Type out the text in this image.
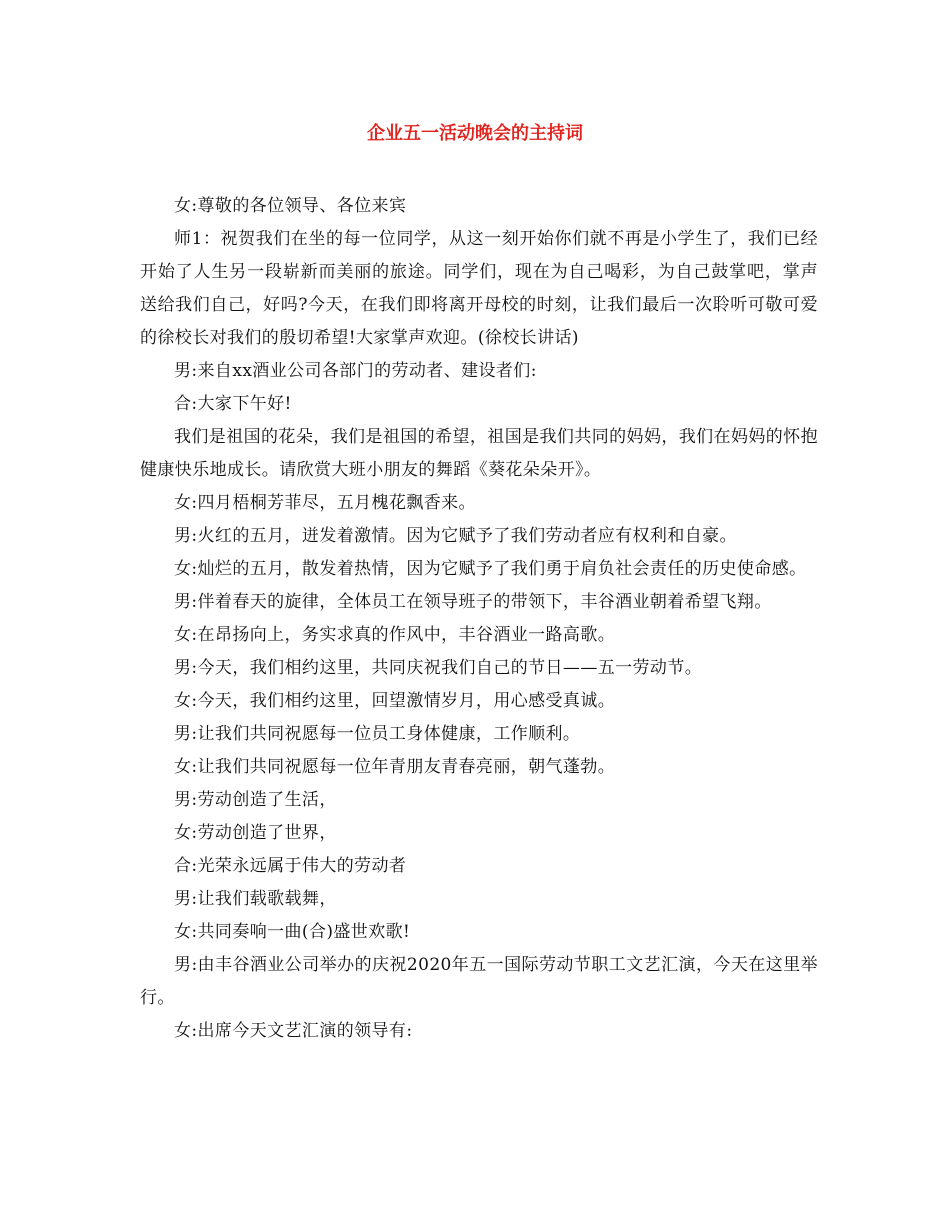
企业五一活动晚会的主持词

女:尊敬的各位领导、各位来宾

师1：祝贺我们在坐的每一位同学，从这一刻开始你们就不再是小学生了，我们已经开始了人生另一段崭新而美丽的旅途。同学们，现在为自己喝彩，为自己鼓掌吧，掌声送给我们自己，好吗?今天，在我们即将离开母校的时刻，让我们最后一次聆听可敬可爱的徐校长对我们的殷切希望!大家掌声欢迎。(徐校长讲话)

男:来自xx酒业公司各部门的劳动者、建设者们:

合:大家下午好!

我们是祖国的花朵，我们是祖国的希望，祖国是我们共同的妈妈，我们在妈妈的怀抱健康快乐地成长。请欣赏大班小朋友的舞蹈《葵花朵朵开》。

女:四月梧桐芳菲尽，五月槐花飘香来。

男:火红的五月，迸发着激情。因为它赋予了我们劳动者应有权利和自豪。

女:灿烂的五月，散发着热情，因为它赋予了我们勇于肩负社会责任的历史使命感。

男:伴着春天的旋律，全体员工在领导班子的带领下，丰谷酒业朝着希望飞翔。

女:在昂扬向上，务实求真的作风中，丰谷酒业一路高歌。

男:今天，我们相约这里，共同庆祝我们自己的节日——五一劳动节。

女:今天，我们相约这里，回望激情岁月，用心感受真诚。

男:让我们共同祝愿每一位员工身体健康，工作顺利。

女:让我们共同祝愿每一位年青朋友青春亮丽，朝气蓬勃。

男:劳动创造了生活，

女:劳动创造了世界，

合:光荣永远属于伟大的劳动者

男:让我们载歌载舞，

女:共同奏响一曲(合)盛世欢歌!

男:由丰谷酒业公司举办的庆祝2020年五一国际劳动节职工文艺汇演，今天在这里举行。

女:出席今天文艺汇演的领导有:
